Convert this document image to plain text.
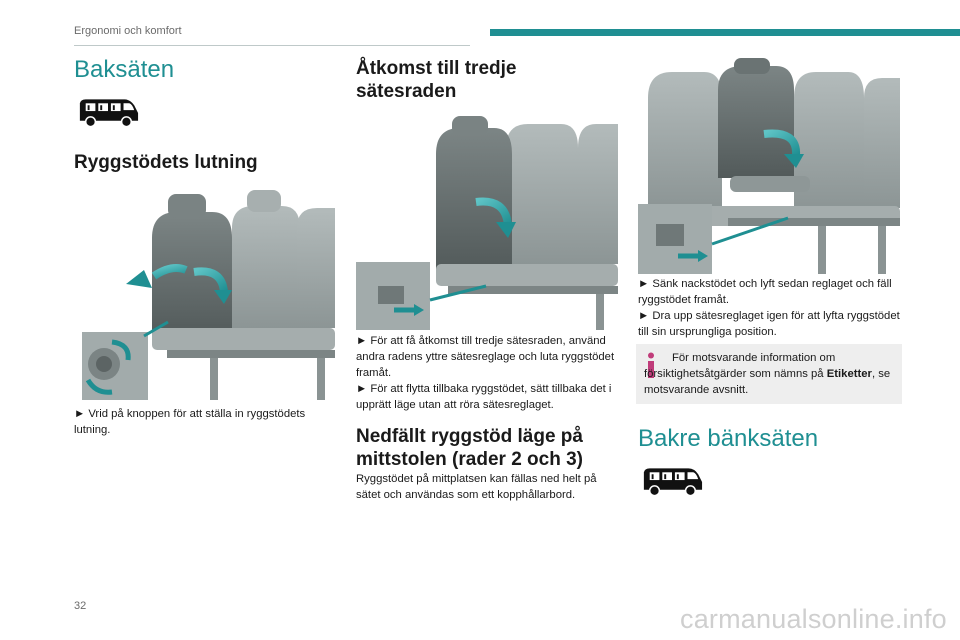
Ergonomi och komfort
Baksäten
Ryggstödets lutning
► Vrid på knoppen för att ställa in ryggstödets lutning.
Åtkomst till tredje
sätesraden

► För att få åtkomst till tredje sätesraden, använd andra radens yttre sätesreglage och luta ryggstödet framåt.

► För att flytta tillbaka ryggstödet, sätt tillbaka det i upprätt läge utan att röra sätesreglaget.

Nedfällt ryggstöd läge på
mittstolen (rader 2 och 3)
Ryggstödet på mittplatsen kan fällas ned helt på sätet och användas som ett kopphållarbord.

► Sänk nackstödet och lyft sedan reglaget och fäll ryggstödet framåt.

► Dra upp sätesreglaget igen för att lyfta ryggstödet till sin ursprungliga position.

För motsvarande information om försiktighetsåtgärder som nämns på Etiketter, se motsvarande avsnitt.
Bakre bänksäten
32	carmanualsonline.info
